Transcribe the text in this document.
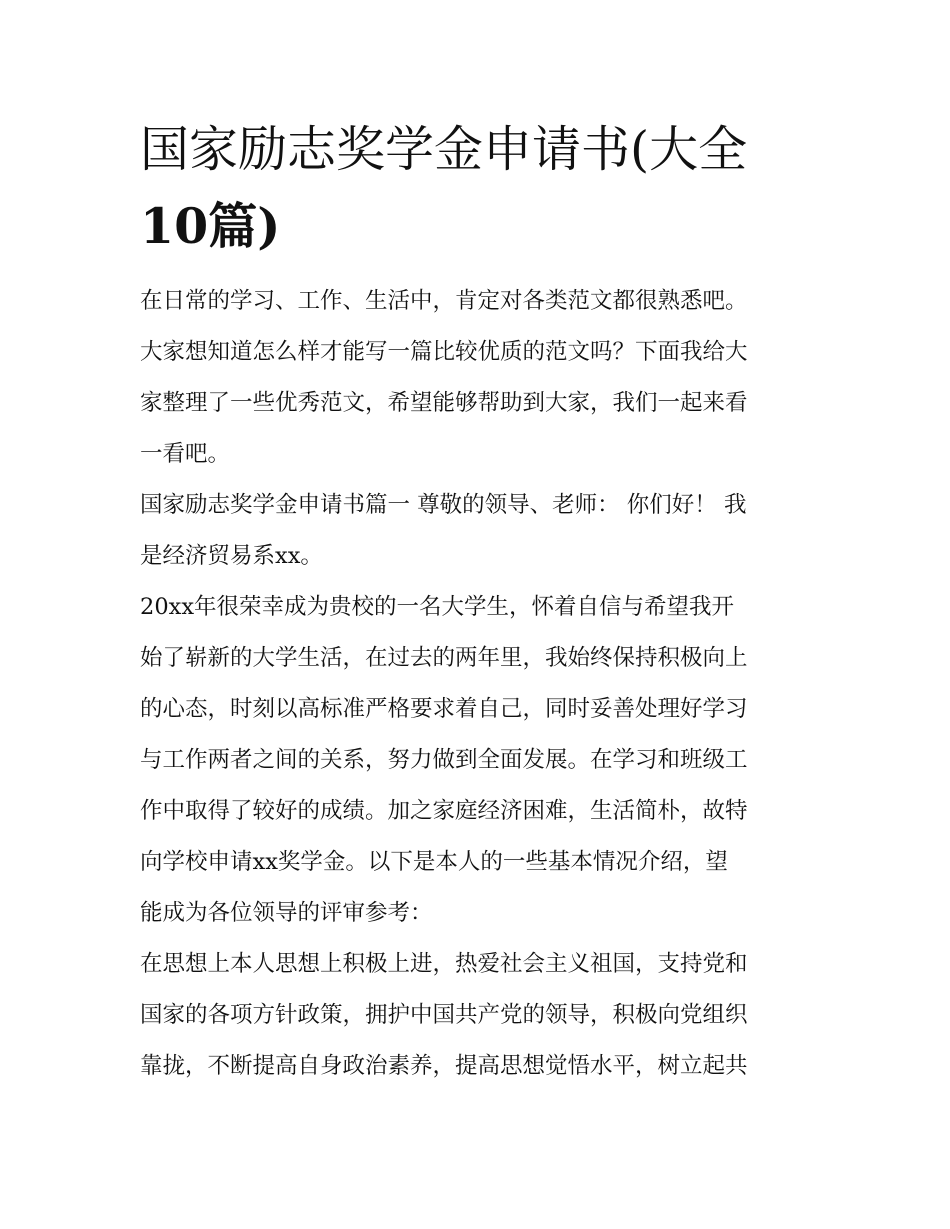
国家励志奖学金申请书(大全
10篇)

在日常的学习、工作、生活中，肯定对各类范文都很熟悉吧。
大家想知道怎么样才能写一篇比较优质的范文吗？下面我给大
家整理了一些优秀范文，希望能够帮助到大家，我们一起来看
一看吧。

国家励志奖学金申请书篇一 尊敬的领导、老师： 你们好！ 我
是经济贸易系xx。

20xx年很荣幸成为贵校的一名大学生，怀着自信与希望我开
始了崭新的大学生活，在过去的两年里，我始终保持积极向上
的心态，时刻以高标准严格要求着自己，同时妥善处理好学习
与工作两者之间的关系，努力做到全面发展。在学习和班级工
作中取得了较好的成绩。加之家庭经济困难，生活简朴，故特
向学校申请xx奖学金。以下是本人的一些基本情况介绍，望
能成为各位领导的评审参考：

在思想上本人思想上积极上进，热爱社会主义祖国，支持党和
国家的各项方针政策，拥护中国共产党的领导，积极向党组织
靠拢，不断提高自身政治素养，提高思想觉悟水平，树立起共
